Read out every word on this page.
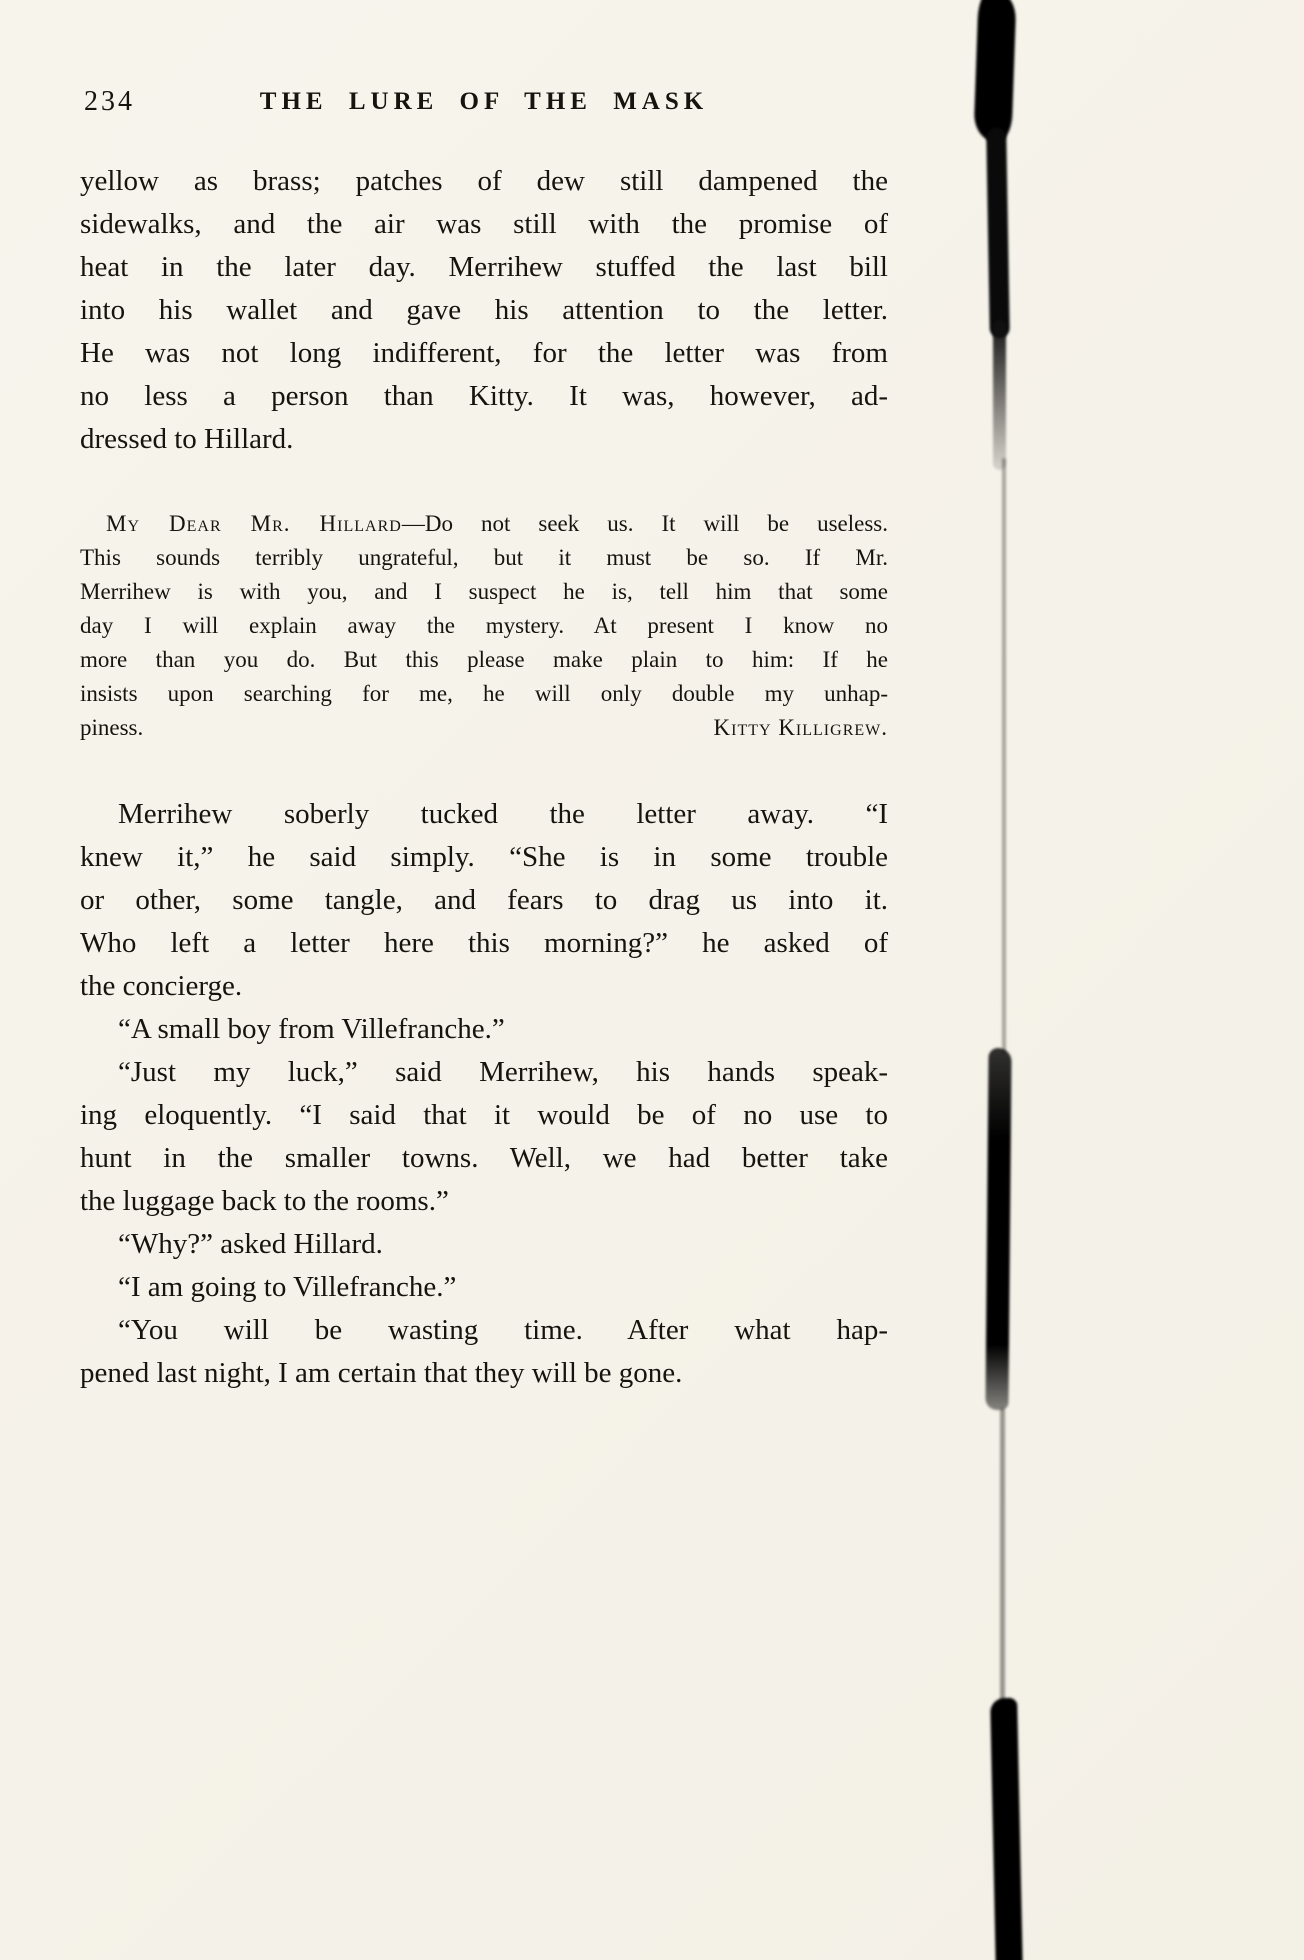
234	THE LURE OF THE MASK
yellow as brass; patches of dew still dampened the
sidewalks, and the air was still with the promise of
heat in the later day. Merrihew stuffed the last bill
into his wallet and gave his attention to the letter.
He was not long indifferent, for the letter was from
no less a person than Kitty. It was, however, ad-
dressed to Hillard.
My Dear Mr. Hillard—Do not seek us. It will be useless.
This sounds terribly ungrateful, but it must be so. If Mr.
Merrihew is with you, and I suspect he is, tell him that some
day I will explain away the mystery. At present I know no
more than you do. But this please make plain to him: If he
insists upon searching for me, he will only double my unhap-
piness.	Kitty Killigrew.
Merrihew soberly tucked the letter away. “I
knew it,” he said simply. “She is in some trouble
or other, some tangle, and fears to drag us into it.
Who left a letter here this morning?” he asked of
the concierge.
“A small boy from Villefranche.”
“Just my luck,” said Merrihew, his hands speak-
ing eloquently. “I said that it would be of no use to
hunt in the smaller towns. Well, we had better take
the luggage back to the rooms.”
“Why?” asked Hillard.
“I am going to Villefranche.”
“You will be wasting time. After what hap-
pened last night, I am certain that they will be gone.
